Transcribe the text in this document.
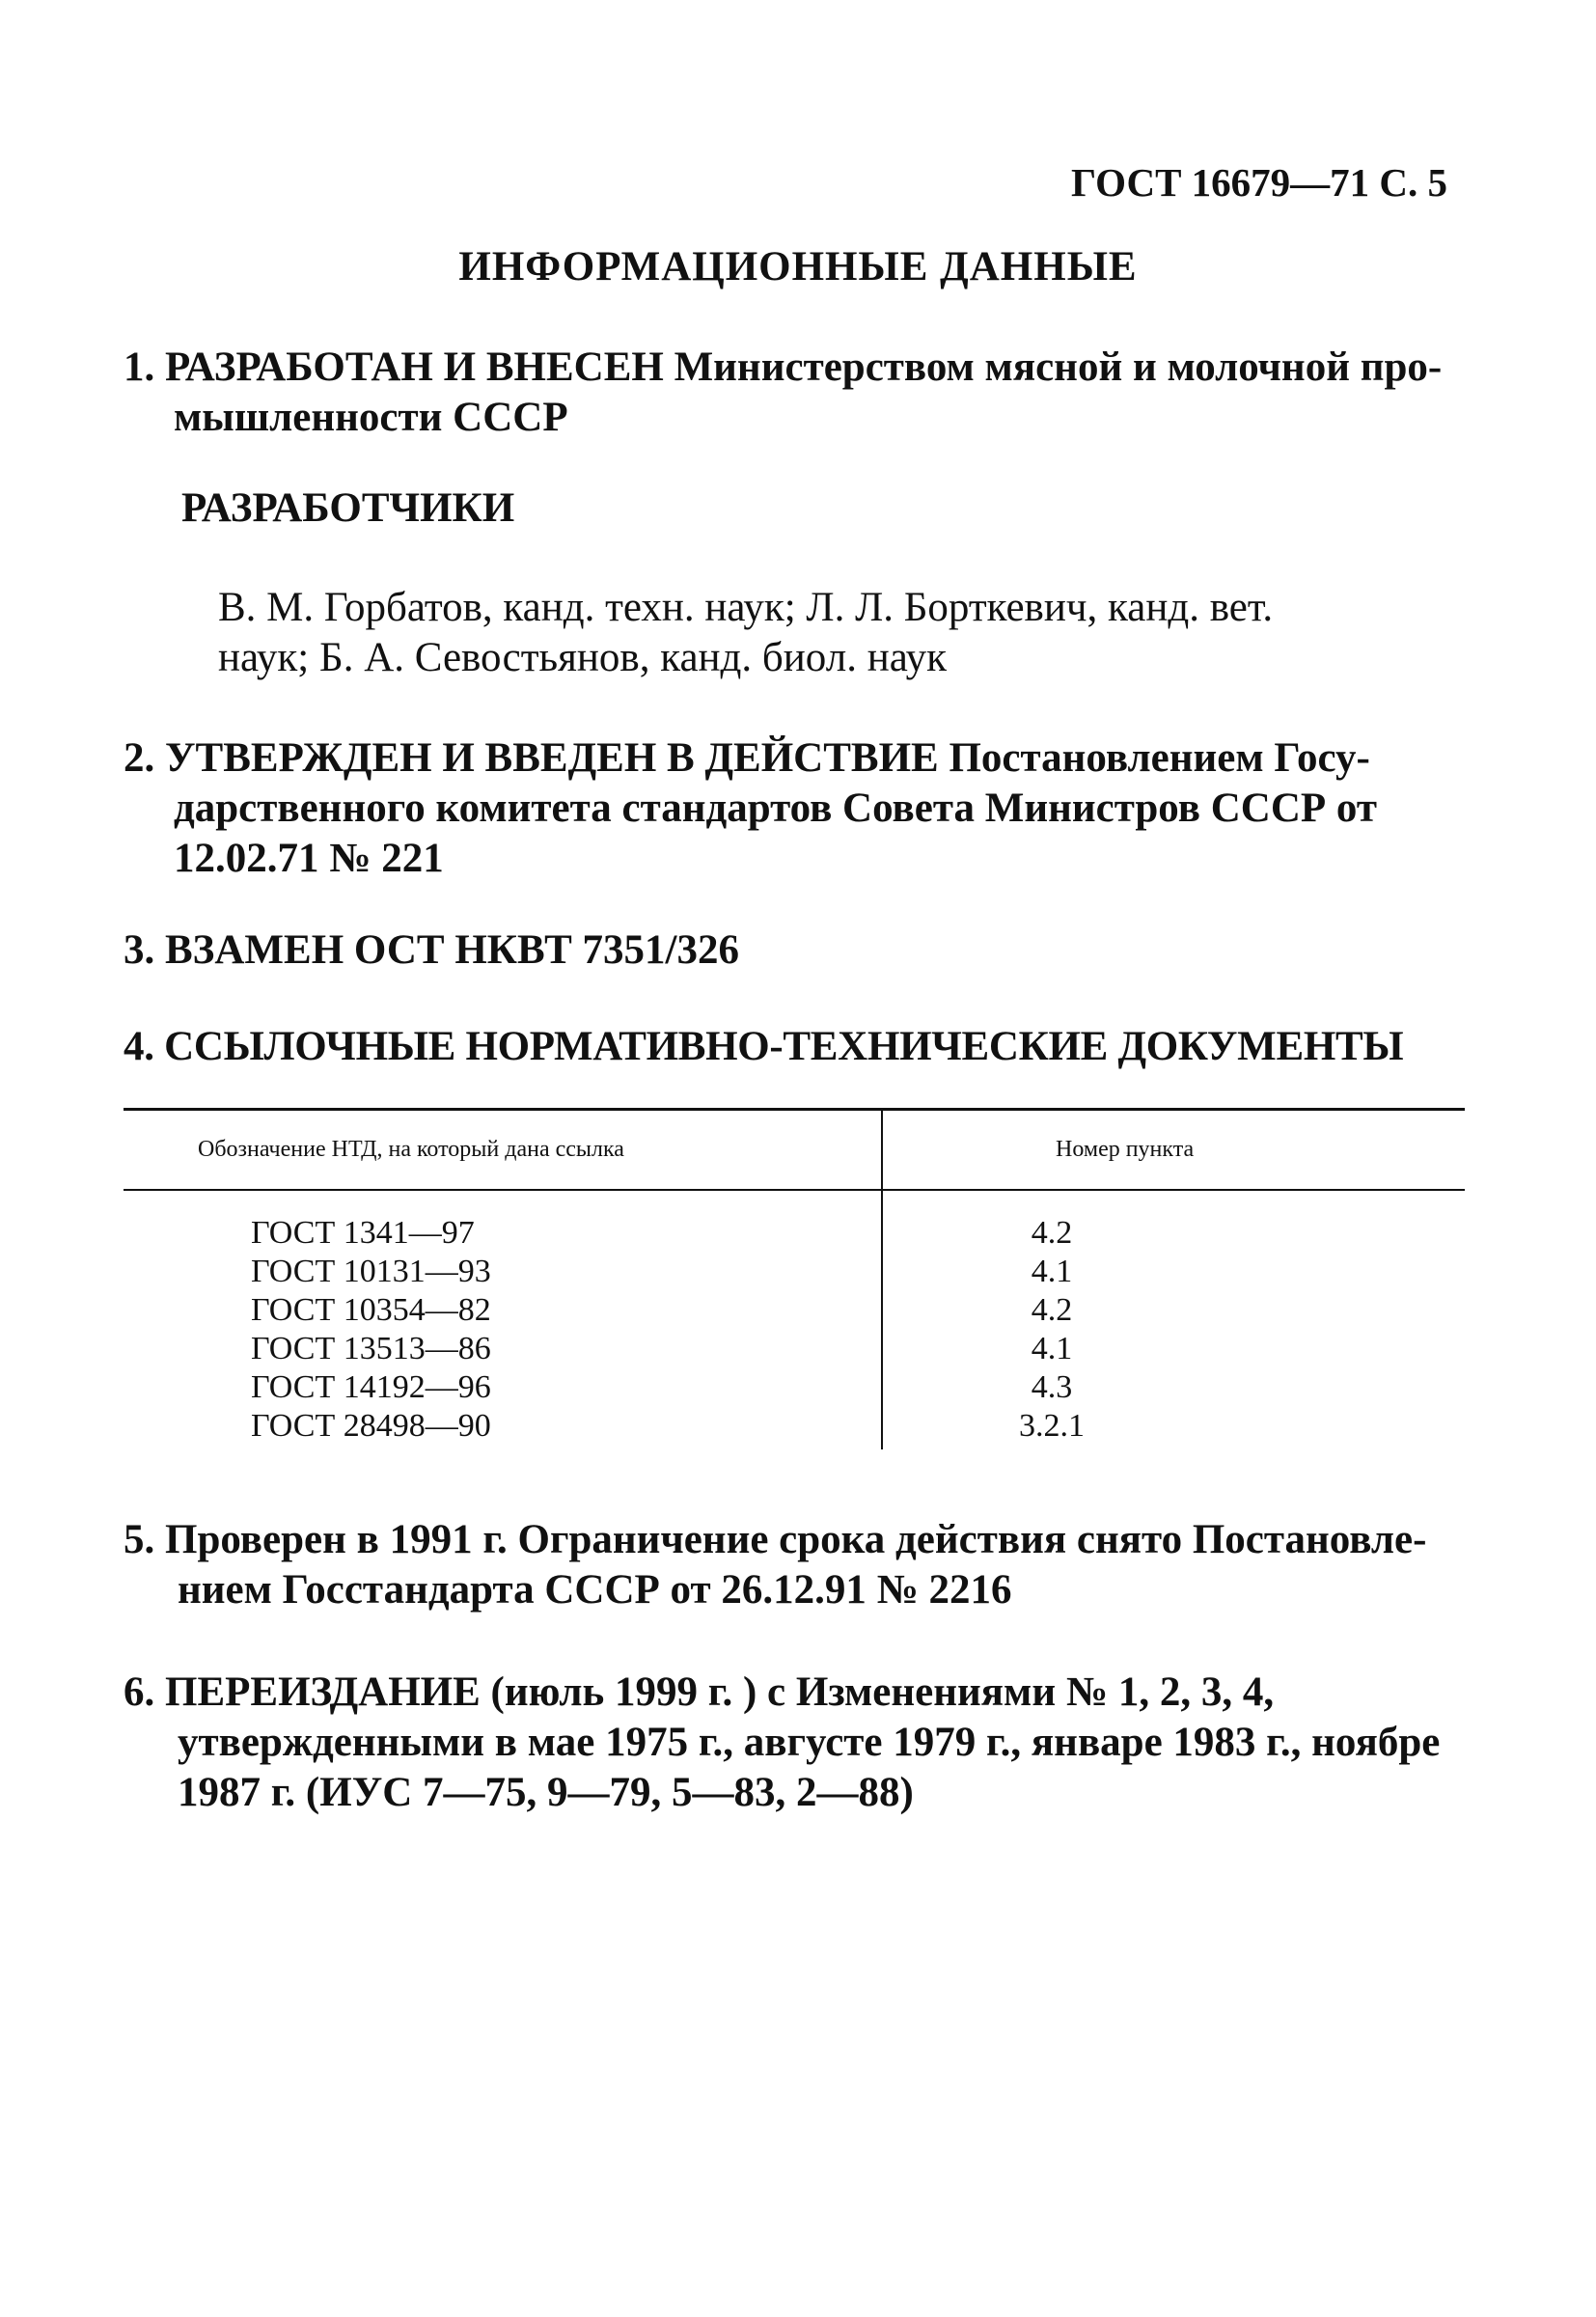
ГОСТ 16679—71 С. 5
ИНФОРМАЦИОННЫЕ ДАННЫЕ
1. РАЗРАБОТАН И ВНЕСЕН Министерством мясной и молочной про-
мышленности СССР
РАЗРАБОТЧИКИ
В. М. Горбатов, канд. техн. наук; Л. Л. Борткевич, канд. вет.
наук; Б. А. Севостьянов, канд. биол. наук
2. УТВЕРЖДЕН И ВВЕДЕН В ДЕЙСТВИЕ Постановлением Госу-
дарственного комитета стандартов Совета Министров СССР от
12.02.71 № 221
3. ВЗАМЕН ОСТ НКВТ 7351/326
4. ССЫЛОЧНЫЕ НОРМАТИВНО-ТЕХНИЧЕСКИЕ ДОКУМЕНТЫ
Обозначение НТД, на который дана ссылка	Номер пункта
ГОСТ 1341—97
ГОСТ 10131—93
ГОСТ 10354—82
ГОСТ 13513—86
ГОСТ 14192—96
ГОСТ 28498—90
4.2
4.1
4.2
4.1
4.3
3.2.1
5. Проверен в 1991 г. Ограничение срока действия снято Постановле-
нием Госстандарта СССР от 26.12.91 № 2216
6. ПЕРЕИЗДАНИЕ (июль 1999 г. ) с Изменениями № 1, 2, 3, 4,
утвержденными в мае 1975 г., августе 1979 г., январе 1983 г., ноябре
1987 г. (ИУС 7—75, 9—79, 5—83, 2—88)
